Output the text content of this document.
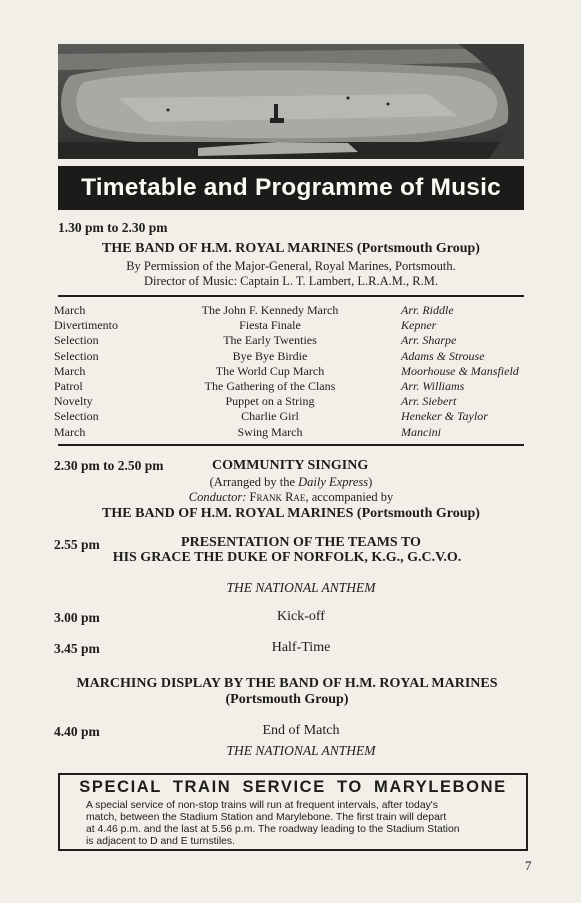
Timetable and Programme of Music
1.30 pm to 2.30 pm
THE BAND OF H.M. ROYAL MARINES (Portsmouth Group)
By Permission of the Major-General, Royal Marines, Portsmouth.
Director of Music: Captain L. T. Lambert, L.R.A.M., R.M.
March	The John F. Kennedy March	Arr. Riddle
Divertimento	Fiesta Finale	Kepner
Selection	The Early Twenties	Arr. Sharpe
Selection	Bye Bye Birdie	Adams & Strouse
March	The World Cup March	Moorhouse & Mansfield
Patrol	The Gathering of the Clans	Arr. Williams
Novelty	Puppet on a String	Arr. Siebert
Selection	Charlie Girl	Heneker & Taylor
March	Swing March	Mancini
2.30 pm to 2.50 pm	COMMUNITY SINGING
(Arranged by the Daily Express)
Conductor: Frank Rae, accompanied by
THE BAND OF H.M. ROYAL MARINES (Portsmouth Group)
2.55 pm	PRESENTATION OF THE TEAMS TO
HIS GRACE THE DUKE OF NORFOLK, K.G., G.C.V.O.
THE NATIONAL ANTHEM
3.00 pm	Kick-off
3.45 pm	Half-Time
MARCHING DISPLAY BY THE BAND OF H.M. ROYAL MARINES
(Portsmouth Group)
4.40 pm	End of Match
THE NATIONAL ANTHEM
SPECIAL TRAIN SERVICE TO MARYLEBONE
A special service of non-stop trains will run at frequent intervals, after today's
match, between the Stadium Station and Marylebone. The first train will depart
at 4.46 p.m. and the last at 5.56 p.m. The roadway leading to the Stadium Station
is adjacent to D and E turnstiles.
7
